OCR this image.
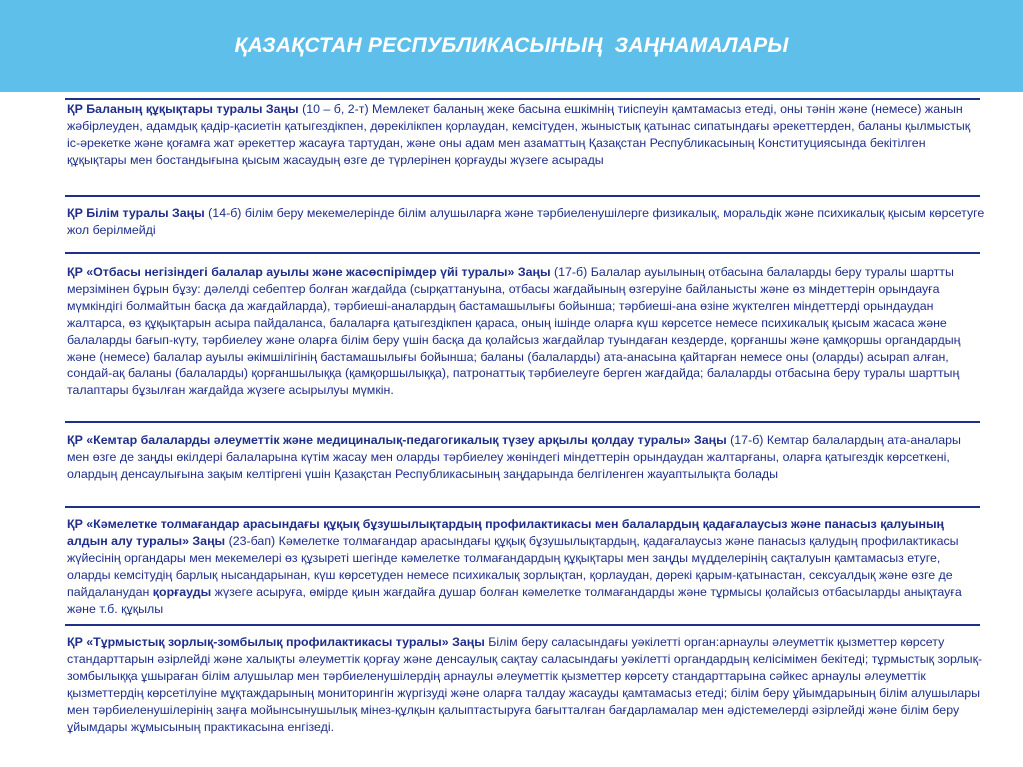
ҚАЗАҚСТАН РЕСПУБЛИКАСЫНЫҢ  ЗАҢНАМАЛАРЫ

ҚР Баланың құқықтары туралы Заңы (10 – б, 2-т) Мемлекет баланың жеке басына ешкімнің тиіспеуін қамтамасыз етеді, оны тәнін және (немесе) жанын жәбірлеуден, адамдық қадір-қасиетін қатыгездікпен, дөрекілікпен қорлаудан, кемсітуден, жыныстық қатынас сипатындағы әрекеттерден, баланы қылмыстық іс-әрекетке және қоғамға жат әрекеттер жасауға тартудан, және оны адам мен азаматтың Қазақстан Республикасының Конституциясында бекітілген құқықтары мен бостандығына қысым жасаудың өзге де түрлерінен қорғауды жүзеге асырады

ҚР Білім туралы Заңы (14-б) білім беру мекемелерінде білім алушыларға және тәрбиеленушілерге физикалық, моральдік және психикалық қысым көрсетуге жол берілмейді

ҚР «Отбасы негізіндегі балалар ауылы және жасөспірімдер үйі туралы» Заңы (17-б) Балалар ауылының отбасына балаларды беру туралы шартты мерзімінен бұрын бұзу: дәлелді себептер болған жағдайда (сырқаттануына, отбасы жағдайының өзгеруіне байланысты және өз міндеттерін орындауға мүмкіндігі болмайтын басқа да жағдайларда), тәрбиеші-аналардың бастамашылығы бойынша; тәрбиеші-ана өзіне жүктелген міндеттерді орындаудан жалтарса, өз құқықтарын асыра пайдаланса, балаларға қатыгездікпен қараса, оның ішінде оларға күш көрсетсе немесе психикалық қысым жасаса және балаларды бағып-күту, тәрбиелеу және оларға білім беру үшін басқа да қолайсыз жағдайлар туындаған кездерде, қорғаншы және қамқоршы органдардың және (немесе) балалар ауылы әкімшілігінің бастамашылығы бойынша; баланы (балаларды) ата-анасына қайтарған немесе оны (оларды) асырап алған, сондай-ақ баланы (балаларды) қорғаншылыққа (қамқоршылыққа), патронаттық тәрбиелеуге берген жағдайда; балаларды отбасына беру туралы шарттың талаптары бұзылған жағдайда жүзеге асырылуы мүмкін.

ҚР «Кемтар балаларды әлеуметтік және медициналық-педагогикалық түзеу арқылы қолдау туралы» Заңы (17-б) Кемтар балалардың ата-аналары мен өзге де заңды өкілдері балаларына күтім жасау мен оларды тәрбиелеу жөніндегі міндеттерін орындаудан жалтарғаны, оларға қатыгездік көрсеткені, олардың денсаулығына зақым келтіргені үшін Қазақстан Республикасының заңдарында белгіленген жауаптылықта болады

ҚР «Кәмелетке толмағандар арасындағы құқық бұзушылықтардың профилактикасы мен балалардың қадағалаусыз және панасыз қалуының алдын алу туралы» Заңы (23-бап) Кәмелетке толмағандар арасындағы құқық бұзушылықтардың, қадағалаусыз және панасыз қалудың профилактикасы жүйесінің органдары мен мекемелері өз құзыреті шегінде кәмелетке толмағандардың құқықтары мен заңды мүдделерінің сақталуын қамтамасыз етуге, оларды кемсітудің барлық нысандарынан, күш көрсетуден немесе психикалық зорлықтан, қорлаудан, дөрекі қарым-қатынастан, сексуалдық және өзге де пайдаланудан қорғауды жүзеге асыруға, өмірде қиын жағдайға душар болған кәмелетке толмағандарды және тұрмысы қолайсыз отбасыларды анықтауға және т.б. құқылы

ҚР «Тұрмыстық зорлық-зомбылық профилактикасы туралы» Заңы Білім беру саласындағы уәкілетті орган:арнаулы әлеуметтік қызметтер көрсету стандарттарын әзірлейді және халықты әлеуметтік қорғау және денсаулық сақтау саласындағы уәкілетті органдардың келісімімен бекітеді; тұрмыстық зорлық-зомбылыққа ұшыраған білім алушылар мен тәрбиеленушілердің арнаулы әлеуметтік қызметтер көрсету стандарттарына сәйкес арнаулы әлеуметтік қызметтердің көрсетілуіне мұқтаждарының мониторингін жүргізуді және оларға талдау жасауды қамтамасыз етеді; білім беру ұйымдарының білім алушылары мен тәрбиеленушілерінің заңға мойынсынушылық мінез-құлқын қалыптастыруға бағытталған бағдарламалар мен әдістемелерді әзірлейді және білім беру ұйымдары жұмысының практикасына енгізеді.
